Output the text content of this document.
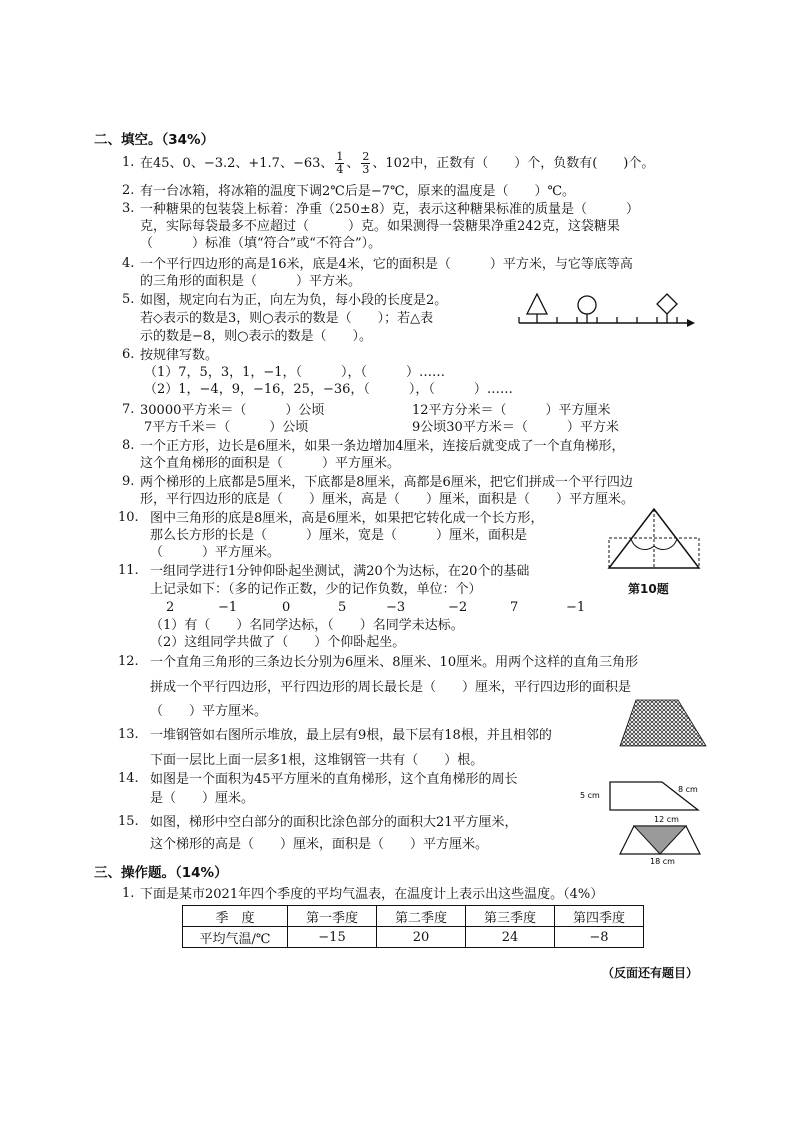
二、填空。（34%）
1. 在45、0、−3.2、+1.7、−63、 $\frac{1}{4}$ 、 $\frac{2}{3}$ 、102中，正数有（　　）个，负数有(　　)个。
2. 有一台冰箱，将冰箱的温度下调2℃后是−7℃，原来的温度是（　　）℃。
3. 一种糖果的包装袋上标着：净重（250±8）克，表示这种糖果标准的质量是（　　　）
克，实际每袋最多不应超过（　　　）克。如果测得一袋糖果净重242克，这袋糖果
（　　　）标准（填“符合”或“不符合”）。
4. 一个平行四边形的高是16米，底是4米，它的面积是（　　　）平方米，与它等底等高
的三角形的面积是（　　　）平方米。
5. 如图，规定向右为正，向左为负，每小段的长度是2。
若◇表示的数是3，则○表示的数是（　　）；若△表
示的数是−8，则○表示的数是（　　）。
6. 按规律写数。
（1）7，5，3，1，−1，（　　　），（　　　）……
（2）1，−4，9，−16，25，−36，（　　　），（　　　）……
7. 30000平方米＝（　　　）公顷	12平方分米＝（　　　）平方厘米
7平方千米＝（　　　）公顷	9公顷30平方米＝（　　　）平方米
8. 一个正方形，边长是6厘米，如果一条边增加4厘米，连接后就变成了一个直角梯形，
这个直角梯形的面积是（　　　）平方厘米。
9. 两个梯形的上底都是5厘米，下底都是8厘米，高都是6厘米，把它们拼成一个平行四边
形，平行四边形的底是（　　）厘米，高是（　　）厘米，面积是（　　）平方厘米。
10. 图中三角形的底是8厘米，高是6厘米，如果把它转化成一个长方形，
那么长方形的长是（　　　）厘米，宽是（　　　）厘米，面积是
（　　　）平方厘米。
第10题
11. 一组同学进行1分钟仰卧起坐测试，满20个为达标，在20个的基础
上记录如下：（多的记作正数，少的记作负数，单位：个）
2	−1	0	5	−3	−2	7	−1
（1）有（　　）名同学达标，（　　）名同学未达标。
（2）这组同学共做了（　　）个仰卧起坐。
12. 一个直角三角形的三条边长分别为6厘米、8厘米、10厘米。用两个这样的直角三角形
拼成一个平行四边形，平行四边形的周长最长是（　　）厘米，平行四边形的面积是
（　　）平方厘米。
13. 一堆钢管如右图所示堆放，最上层有9根，最下层有18根，并且相邻的
下面一层比上面一层多1根，这堆钢管一共有（　　）根。
14. 如图是一个面积为45平方厘米的直角梯形，这个直角梯形的周长
是（　　）厘米。	5 cm
8 cm
15. 如图，梯形中空白部分的面积比涂色部分的面积大21平方厘米，
这个梯形的高是（　　）厘米，面积是（　　）平方厘米。
12 cm
18 cm
三、操作题。（14%）
1. 下面是某市2021年四个季度的平均气温表，在温度计上表示出这些温度。（4%）
季　度	第一季度	第二季度	第三季度	第四季度
平均气温/℃	−15	20	24	−8
（反面还有题目）
